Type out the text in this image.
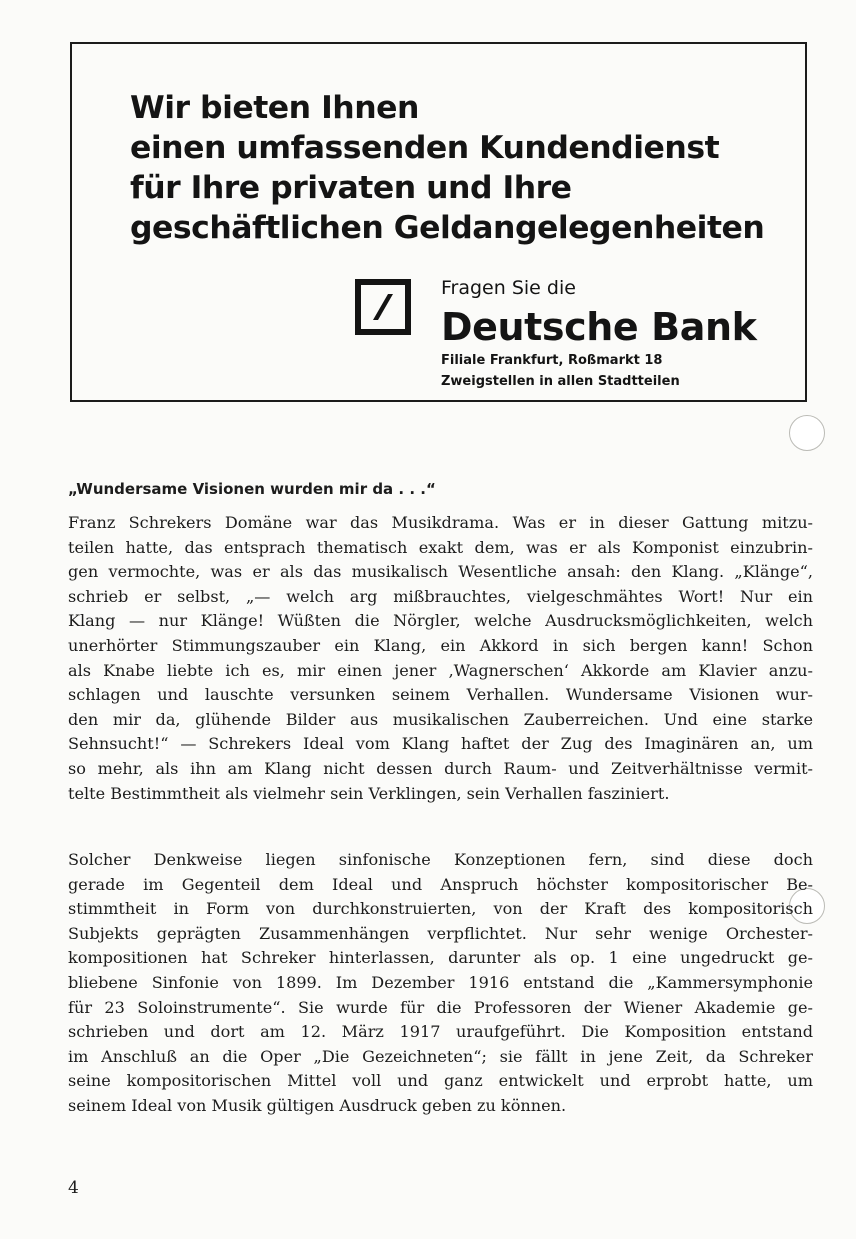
Wir bieten Ihnen
einen umfassenden Kundendienst
für Ihre privaten und Ihre
geschäftlichen Geldangelegenheiten
Fragen Sie die
Deutsche Bank
Filiale Frankfurt, Roßmarkt 18
Zweigstellen in allen Stadtteilen
„Wundersame Visionen wurden mir da . . .“

Franz Schrekers Domäne war das Musikdrama. Was er in dieser Gattung mitzu-
teilen hatte, das entsprach thematisch exakt dem, was er als Komponist einzubrin-
gen vermochte, was er als das musikalisch Wesentliche ansah: den Klang. „Klänge“,
schrieb er selbst, „— welch arg mißbrauchtes, vielgeschmähtes Wort! Nur ein
Klang — nur Klänge! Wüßten die Nörgler, welche Ausdrucksmöglichkeiten, welch
unerhörter Stimmungszauber ein Klang, ein Akkord in sich bergen kann! Schon
als Knabe liebte ich es, mir einen jener ‚Wagnerschen‘ Akkorde am Klavier anzu-
schlagen und lauschte versunken seinem Verhallen. Wundersame Visionen wur-
den mir da, glühende Bilder aus musikalischen Zauberreichen. Und eine starke
Sehnsucht!“ — Schrekers Ideal vom Klang haftet der Zug des Imaginären an, um
so mehr, als ihn am Klang nicht dessen durch Raum- und Zeitverhältnisse vermit-
telte Bestimmtheit als vielmehr sein Verklingen, sein Verhallen fasziniert.

Solcher Denkweise liegen sinfonische Konzeptionen fern, sind diese doch
gerade im Gegenteil dem Ideal und Anspruch höchster kompositorischer Be-
stimmtheit in Form von durchkonstruierten, von der Kraft des kompositorisch
Subjekts geprägten Zusammenhängen verpflichtet. Nur sehr wenige Orchester-
kompositionen hat Schreker hinterlassen, darunter als op. 1 eine ungedruckt ge-
bliebene Sinfonie von 1899. Im Dezember 1916 entstand die „Kammersymphonie
für 23 Soloinstrumente“. Sie wurde für die Professoren der Wiener Akademie ge-
schrieben und dort am 12. März 1917 uraufgeführt. Die Komposition entstand
im Anschluß an die Oper „Die Gezeichneten“; sie fällt in jene Zeit, da Schreker
seine kompositorischen Mittel voll und ganz entwickelt und erprobt hatte, um
seinem Ideal von Musik gültigen Ausdruck geben zu können.

4
